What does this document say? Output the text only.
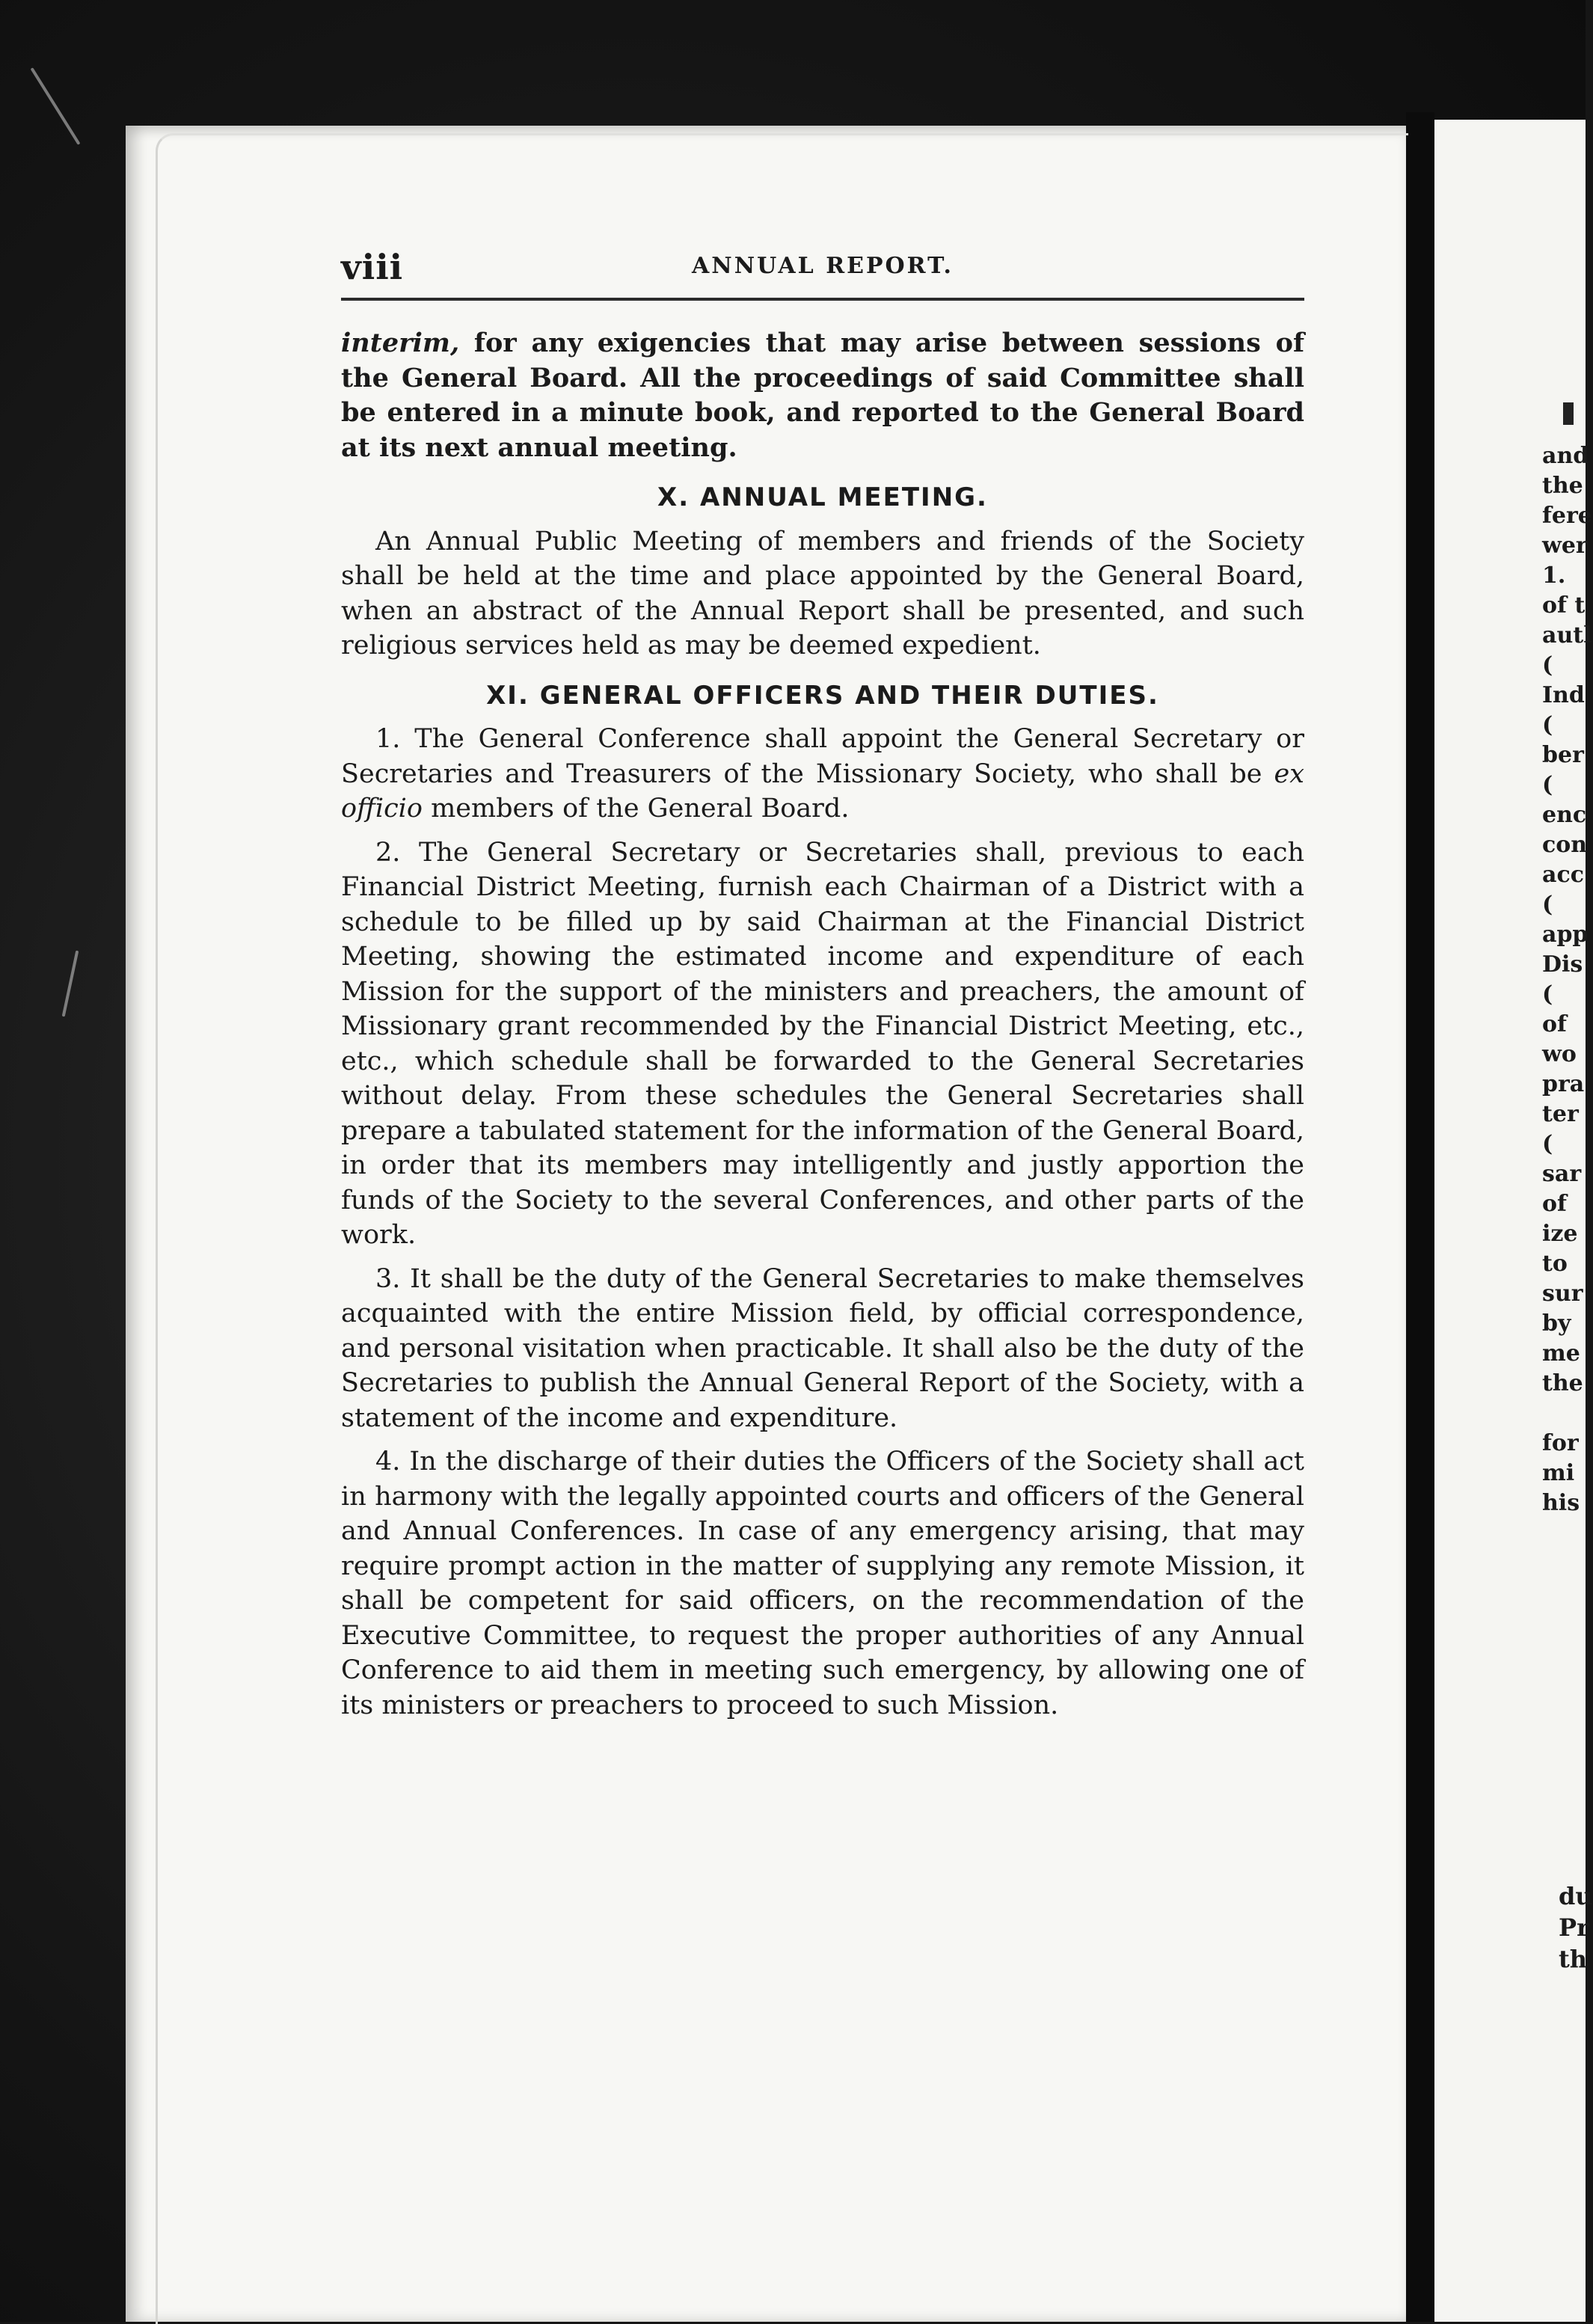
viii	ANNUAL REPORT.

interim, for any exigencies that may arise between sessions of the General Board. All the proceedings of said Committee shall be entered in a minute book, and reported to the General Board at its next annual meeting.

X. ANNUAL MEETING.

An Annual Public Meeting of members and friends of the Society shall be held at the time and place appointed by the General Board, when an abstract of the Annual Report shall be presented, and such religious services held as may be deemed expedient.

XI. GENERAL OFFICERS AND THEIR DUTIES.

1. The General Conference shall appoint the General Secretary or Secretaries and Treasurers of the Missionary Society, who shall be ex officio members of the General Board.

2. The General Secretary or Secretaries shall, previous to each Financial District Meeting, furnish each Chairman of a District with a schedule to be filled up by said Chairman at the Financial District Meeting, showing the estimated income and expenditure of each Mission for the support of the ministers and preachers, the amount of Missionary grant recommended by the Financial District Meeting, etc., etc., which schedule shall be forwarded to the General Secretaries without delay. From these schedules the General Secretaries shall prepare a tabulated statement for the information of the General Board, in order that its members may intelligently and justly apportion the funds of the Society to the several Conferences, and other parts of the work.

3. It shall be the duty of the General Secretaries to make themselves acquainted with the entire Mission field, by official correspondence, and personal visitation when practicable. It shall also be the duty of the Secretaries to publish the Annual General Report of the Society, with a statement of the income and expenditure.

4. In the discharge of their duties the Officers of the Society shall act in harmony with the legally appointed courts and officers of the General and Annual Conferences. In case of any emergency arising, that may require prompt action in the matter of supplying any remote Mission, it shall be competent for said officers, on the recommendation of the Executive Committee, to request the proper authorities of any Annual Conference to aid them in meeting such emergency, by allowing one of its ministers or preachers to proceed to such Mission.

and
the
fere
wer
1.
of t
autl
(
Ind
(
ber
(
enc
con
acc
(
app
Dis
(
of
wo
pra
ter
(
sar
of
ize
to
sur
by
me
the

for
mi
his
du
Pr
th
